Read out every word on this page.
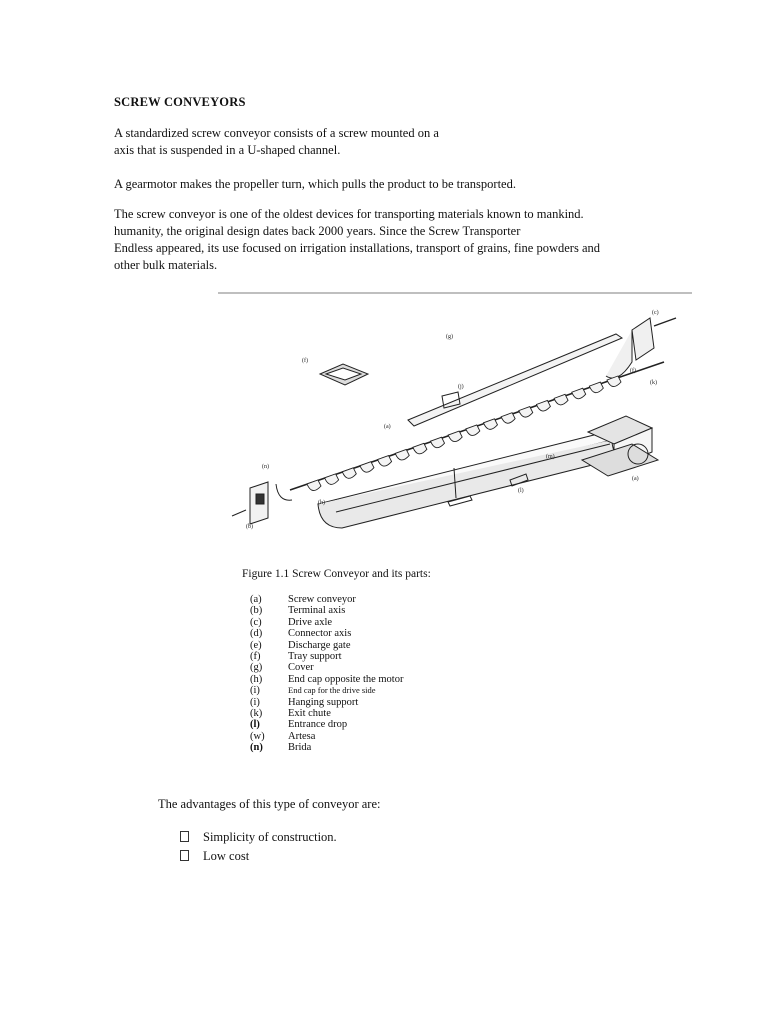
SCREW CONVEYORS
A standardized screw conveyor consists of a screw mounted on a
axis that is suspended in a U-shaped channel.
A gearmotor makes the propeller turn, which pulls the product to be transported.
The screw conveyor is one of the oldest devices for transporting materials known to mankind.
humanity, the original design dates back 2000 years. Since the Screw Transporter
Endless appeared, its use focused on irrigation installations, transport of grains, fine powders and
other bulk materials.
(g)
(f)
(c)
(f)
(k)
(j)
(a)
(m)
(n)
(l)
(h)
(b)
(a)
Figure 1.1 Screw Conveyor and its parts:
(a)	Screw conveyor
(b) Terminal axis
(c)	Drive axle
(d) Connector axis
(e)	Discharge gate
(f)	Tray support
(g) Cover
(h) End cap opposite the motor
(i)	End cap for the drive side
(i)	Hanging support
(k) Exit chute
(l)	Entrance drop
(w) Artesa
(n) Brida
The advantages of this type of conveyor are:
Simplicity of construction.
Low cost
